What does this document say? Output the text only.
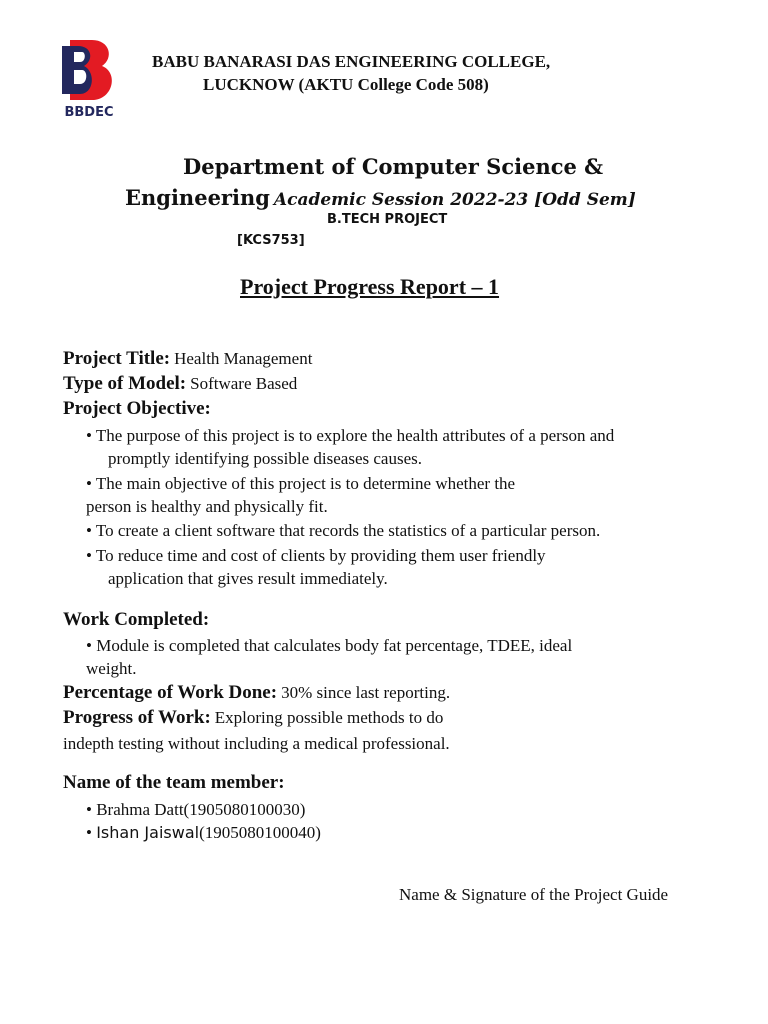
BBDEC
BABU BANARASI DAS ENGINEERING COLLEGE,
LUCKNOW (AKTU College Code 508)
Department of Computer Science &
Engineering Academic Session 2022-23 [Odd Sem]
B.TECH PROJECT
[KCS753]
Project Progress Report – 1
Project Title: Health Management
Type of Model: Software Based
Project Objective:
• The purpose of this project is to explore the health attributes of a person and
promptly identifying possible diseases causes.
• The main objective of this project is to determine whether the
person is healthy and physically fit.
• To create a client software that records the statistics of a particular person.
• To reduce time and cost of clients by providing them user friendly
application that gives result immediately.
Work Completed:
• Module is completed that calculates body fat percentage, TDEE, ideal
weight.
Percentage of Work Done: 30% since last reporting.
Progress of Work: Exploring possible methods to do
indepth testing without including a medical professional.
Name of the team member:
• Brahma Datt(1905080100030)
• Ishan Jaiswal(1905080100040)
Name & Signature of the Project Guide
